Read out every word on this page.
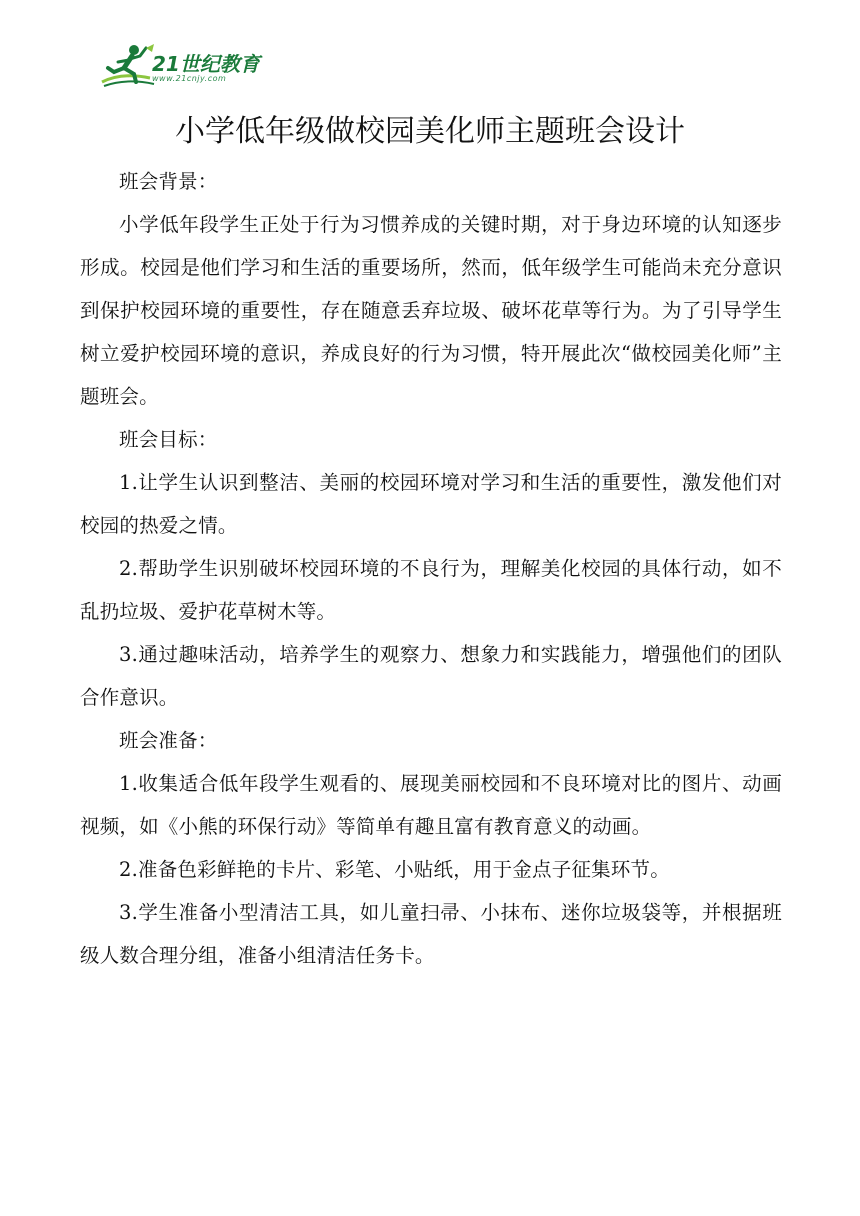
21世纪教育
www.21cnjy.com
小学低年级做校园美化师主题班会设计

班会背景：

小学低年段学生正处于行为习惯养成的关键时期，对于身边环境的认知逐步形成。校园是他们学习和生活的重要场所，然而，低年级学生可能尚未充分意识到保护校园环境的重要性，存在随意丢弃垃圾、破坏花草等行为。为了引导学生树立爱护校园环境的意识，养成良好的行为习惯，特开展此次“做校园美化师”主题班会。

班会目标：

1.让学生认识到整洁、美丽的校园环境对学习和生活的重要性，激发他们对校园的热爱之情。

2.帮助学生识别破坏校园环境的不良行为，理解美化校园的具体行动，如不乱扔垃圾、爱护花草树木等。

3.通过趣味活动，培养学生的观察力、想象力和实践能力，增强他们的团队合作意识。

班会准备：

1.收集适合低年段学生观看的、展现美丽校园和不良环境对比的图片、动画视频，如《小熊的环保行动》等简单有趣且富有教育意义的动画。

2.准备色彩鲜艳的卡片、彩笔、小贴纸，用于金点子征集环节。

3.学生准备小型清洁工具，如儿童扫帚、小抹布、迷你垃圾袋等，并根据班级人数合理分组，准备小组清洁任务卡。
